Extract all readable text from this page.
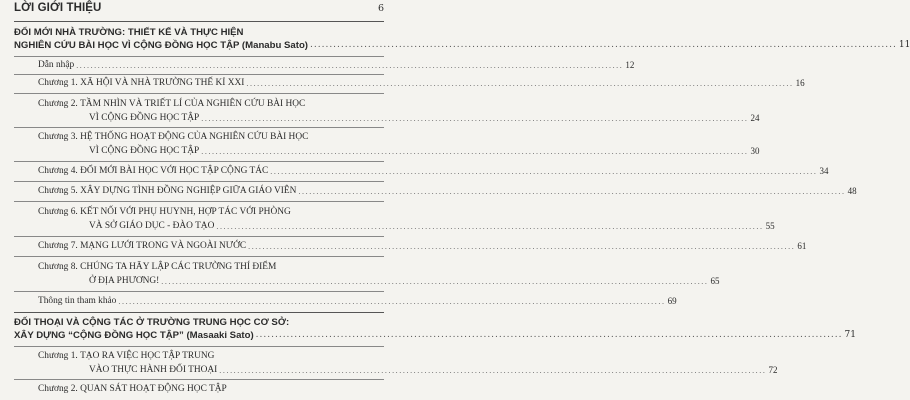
LỜI GIỚI THIỆU	6
ĐỔI MỚI NHÀ TRƯỜNG: THIẾT KẾ VÀ THỰC HIỆN
NGHIÊN CỨU BÀI HỌC VÌ CỘNG ĐỒNG HỌC TẬP (Manabu Sato) ........................................................................................................................................................ 11
Dẫn nhập ........................................................................................................................................................ 12
Chương 1.
XÃ HỘI VÀ NHÀ TRƯỜNG THẾ KỈ XXI ........................................................................................................................................................ 16
Chương 2.
TẦM NHÌN VÀ TRIẾT LÍ CỦA NGHIÊN CỨU BÀI HỌC
VÌ CỘNG ĐỒNG HỌC TẬP ........................................................................................................................................................ 24
Chương 3.
HỆ THỐNG HOẠT ĐỘNG CỦA NGHIÊN CỨU BÀI HỌC
VÌ CỘNG ĐỒNG HỌC TẬP ........................................................................................................................................................ 30
Chương 4.
ĐỔI MỚI BÀI HỌC VỚI HỌC TẬP CỘNG TÁC ........................................................................................................................................................ 34
Chương 5.
XÂY DỰNG TÌNH ĐỒNG NGHIỆP GIỮA GIÁO VIÊN ........................................................................................................................................................ 48
Chương 6.
KẾT NỐI VỚI PHỤ HUYNH, HỢP TÁC VỚI PHÒNG
VÀ SỞ GIÁO DỤC - ĐÀO TẠO ........................................................................................................................................................ 55
Chương 7.
MẠNG LƯỚI TRONG VÀ NGOÀI NƯỚC ........................................................................................................................................................ 61
Chương 8.
CHÚNG TA HÃY LẬP CÁC TRƯỜNG THÍ ĐIỂM
Ở ĐỊA PHƯƠNG! ........................................................................................................................................................ 65
Thông tin tham khảo ........................................................................................................................................................ 69
ĐỐI THOẠI VÀ CỘNG TÁC Ở TRƯỜNG TRUNG HỌC CƠ SỞ:
XÂY DỰNG “CỘNG ĐỒNG HỌC TẬP” (Masaaki Sato) ........................................................................................................................................................ 71
Chương 1.
TẠO RA VIỆC HỌC TẬP TRUNG
VÀO THỰC HÀNH ĐỐI THOẠI ........................................................................................................................................................ 72
Chương 2.
QUAN SÁT HOẠT ĐỘNG HỌC TẬP
